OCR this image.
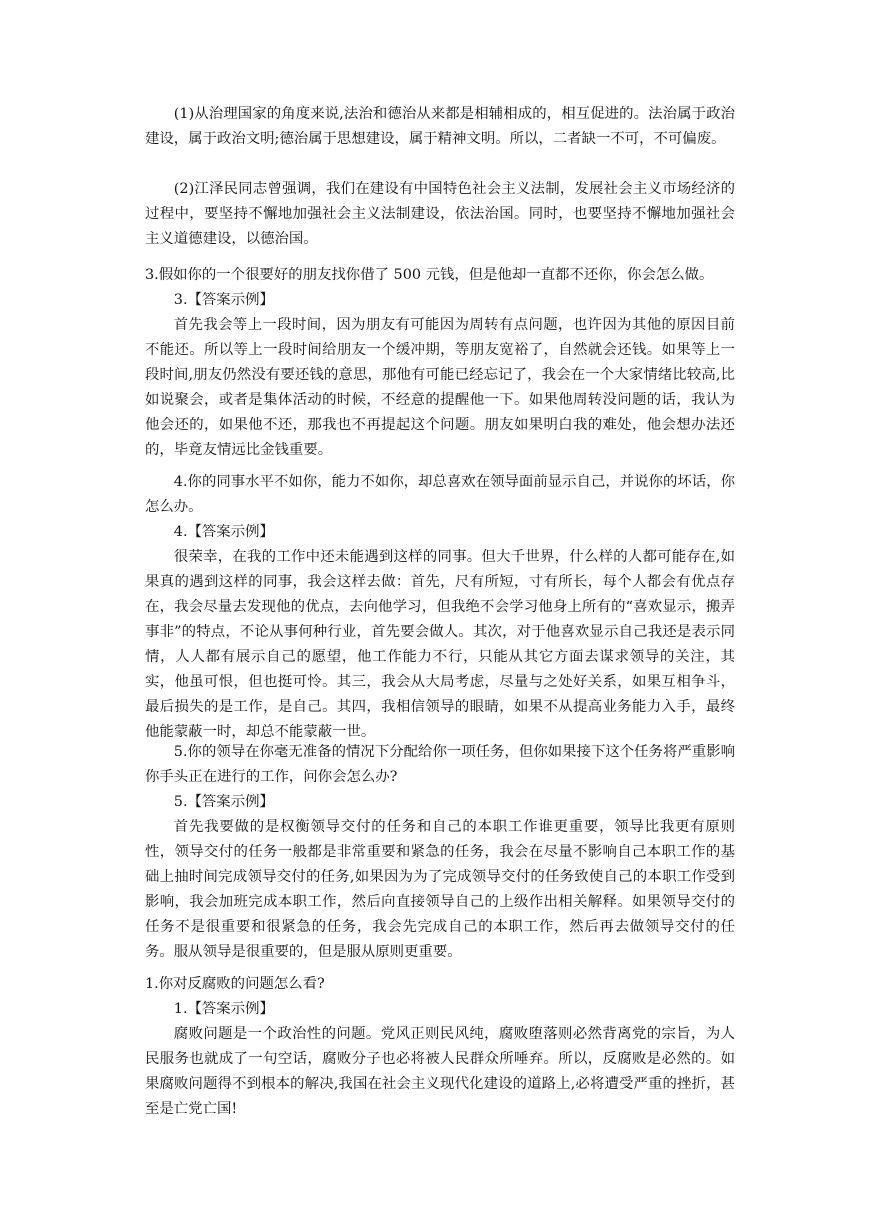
(1)从治理国家的角度来说,法治和德治从来都是相辅相成的，相互促进的。法治属于政治建设，属于政治文明;德治属于思想建设，属于精神文明。所以，二者缺一不可，不可偏废。

(2)江泽民同志曾强调，我们在建设有中国特色社会主义法制，发展社会主义市场经济的过程中，要坚持不懈地加强社会主义法制建设，依法治国。同时，也要坚持不懈地加强社会主义道德建设，以德治国。

3.假如你的一个很要好的朋友找你借了 500 元钱，但是他却一直都不还你，你会怎么做。

3.【答案示例】

首先我会等上一段时间，因为朋友有可能因为周转有点问题，也许因为其他的原因目前不能还。所以等上一段时间给朋友一个缓冲期，等朋友宽裕了，自然就会还钱。如果等上一段时间,朋友仍然没有要还钱的意思，那他有可能已经忘记了，我会在一个大家情绪比较高,比如说聚会，或者是集体活动的时候，不经意的提醒他一下。如果他周转没问题的话，我认为他会还的，如果他不还，那我也不再提起这个问题。朋友如果明白我的难处，他会想办法还的，毕竟友情远比金钱重要。

4.你的同事水平不如你，能力不如你，却总喜欢在领导面前显示自己，并说你的坏话，你怎么办。

4.【答案示例】

很荣幸，在我的工作中还未能遇到这样的同事。但大千世界，什么样的人都可能存在,如果真的遇到这样的同事，我会这样去做：首先，尺有所短，寸有所长，每个人都会有优点存在，我会尽量去发现他的优点，去向他学习，但我绝不会学习他身上所有的“喜欢显示，搬弄事非”的特点，不论从事何种行业，首先要会做人。其次，对于他喜欢显示自己我还是表示同情，人人都有展示自己的愿望，他工作能力不行，只能从其它方面去谋求领导的关注，其实，他虽可恨，但也挺可怜。其三，我会从大局考虑，尽量与之处好关系，如果互相争斗，最后损失的是工作，是自己。其四，我相信领导的眼睛，如果不从提高业务能力入手，最终他能蒙蔽一时，却总不能蒙蔽一世。

5.你的领导在你毫无准备的情况下分配给你一项任务，但你如果接下这个任务将严重影响你手头正在进行的工作，问你会怎么办?

5.【答案示例】

首先我要做的是权衡领导交付的任务和自己的本职工作谁更重要，领导比我更有原则性，领导交付的任务一般都是非常重要和紧急的任务，我会在尽量不影响自己本职工作的基础上抽时间完成领导交付的任务,如果因为为了完成领导交付的任务致使自己的本职工作受到影响，我会加班完成本职工作，然后向直接领导自己的上级作出相关解释。如果领导交付的任务不是很重要和很紧急的任务，我会先完成自己的本职工作，然后再去做领导交付的任务。服从领导是很重要的，但是服从原则更重要。

1.你对反腐败的问题怎么看?

1.【答案示例】

腐败问题是一个政治性的问题。党风正则民风纯，腐败堕落则必然背离党的宗旨，为人民服务也就成了一句空话，腐败分子也必将被人民群众所唾弃。所以，反腐败是必然的。如果腐败问题得不到根本的解决,我国在社会主义现代化建设的道路上,必将遭受严重的挫折，甚至是亡党亡国!
